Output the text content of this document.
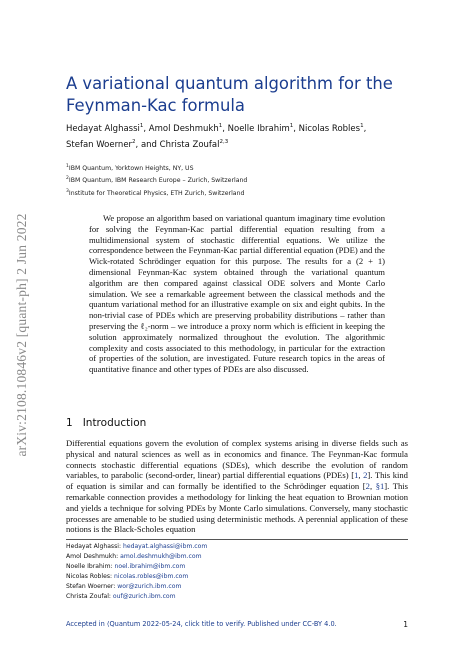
arXiv:2108.10846v2 [quant-ph] 2 Jun 2022
A variational quantum algorithm for the Feynman-Kac formula
Hedayat Alghassi$^1$, Amol Deshmukh$^1$, Noelle Ibrahim$^1$, Nicolas Robles$^1$,
Stefan Woerner$^2$, and Christa Zoufal$^{2,3}$
$^1$IBM Quantum, Yorktown Heights, NY, US
$^2$IBM Quantum, IBM Research Europe – Zurich, Switzerland
$^3$Institute for Theoretical Physics, ETH Zurich, Switzerland

We propose an algorithm based on variational quantum imaginary time evolution for solving the Feynman-Kac partial differential equation resulting from a multidimensional system of stochastic differential equations. We utilize the correspondence between the Feynman-Kac partial differential equation (PDE) and the Wick-rotated Schrödinger equation for this purpose. The results for a (2 + 1) dimensional Feynman-Kac system obtained through the variational quantum algorithm are then compared against classical ODE solvers and Monte Carlo simulation. We see a remarkable agreement between the classical methods and the quantum variational method for an illustrative example on six and eight qubits. In the non-trivial case of PDEs which are preserving probability distributions – rather than preserving the ℓ₂-norm – we introduce a proxy norm which is efficient in keeping the solution approximately normalized throughout the evolution. The algorithmic complexity and costs associated to this methodology, in particular for the extraction of properties of the solution, are investigated. Future research topics in the areas of quantitative finance and other types of PDEs are also discussed.

1 Introduction

Differential equations govern the evolution of complex systems arising in diverse fields such as physical and natural sciences as well as in economics and finance. The Feynman-Kac formula connects stochastic differential equations (SDEs), which describe the evolution of random variables, to parabolic (second-order, linear) partial differential equations (PDEs) [1, 2]. This kind of equation is similar and can formally be identified to the Schrödinger equation [2, §1]. This remarkable connection provides a methodology for linking the heat equation to Brownian motion and yields a technique for solving PDEs by Monte Carlo simulations. Conversely, many stochastic processes are amenable to be studied using deterministic methods. A perennial application of these notions is the Black-Scholes equation

Hedayat Alghassi: hedayat.alghassi@ibm.com
Amol Deshmukh: amol.deshmukh@ibm.com
Noelle Ibrahim: noel.ibrahim@ibm.com
Nicolas Robles: nicolas.robles@ibm.com
Stefan Woerner: wor@zurich.ibm.com
Christa Zoufal: ouf@zurich.ibm.com
Accepted in ⟨Quantum 2022-05-24, click title to verify. Published under CC-BY 4.0.	1
